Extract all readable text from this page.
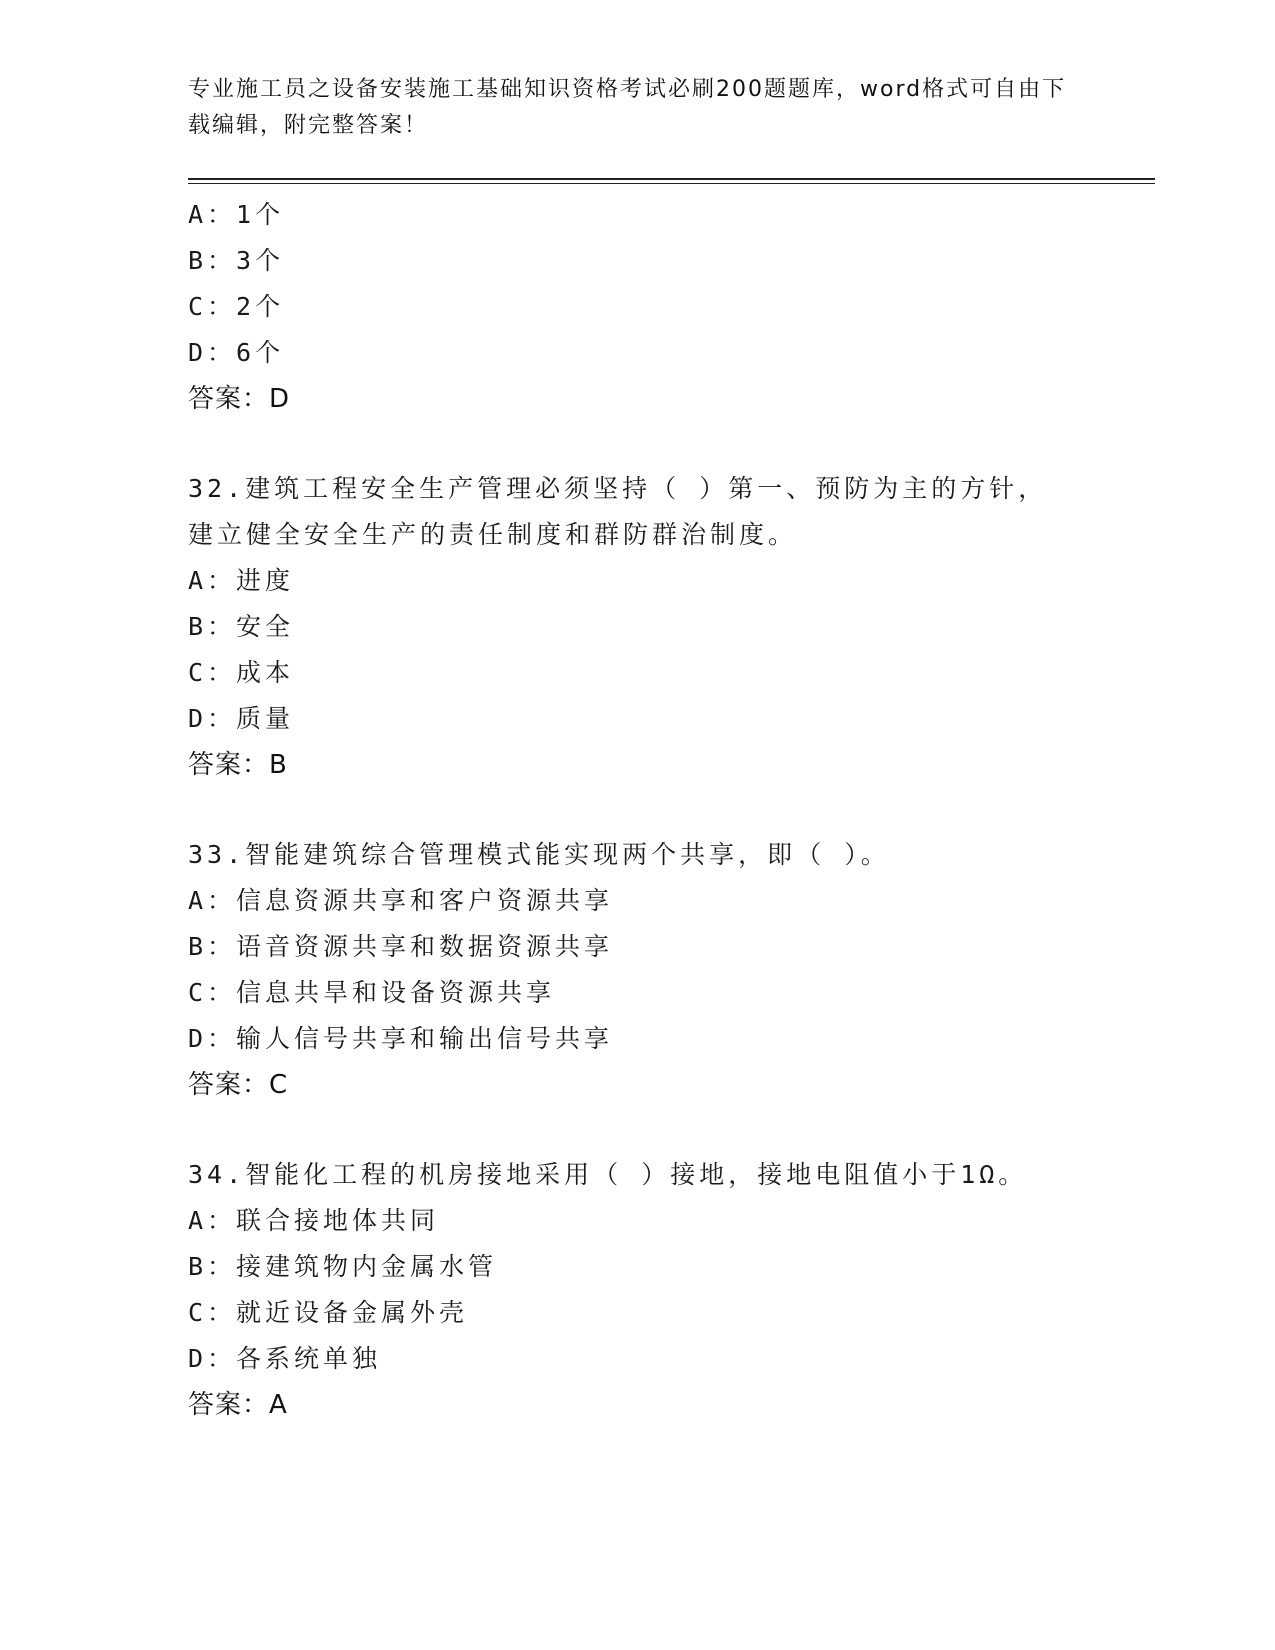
专业施工员之设备安装施工基础知识资格考试必刷200题题库，word格式可自由下载编辑，附完整答案！
A：1个
B：3个
C：2个
D：6个
答案：D
32.建筑工程安全生产管理必须坚持（ ）第一、预防为主的方针，建立健全安全生产的责任制度和群防群治制度。
A：进度
B：安全
C：成本
D：质量
答案：B
33.智能建筑综合管理模式能实现两个共享，即（ ）。
A：信息资源共享和客户资源共享
B：语音资源共享和数据资源共享
C：信息共旱和设备资源共享
D：输人信号共享和输出信号共享
答案：C
34.智能化工程的机房接地采用（ ）接地，接地电阻值小于1Ω。
A：联合接地体共同
B：接建筑物内金属水管
C：就近设备金属外壳
D：各系统单独
答案：A
